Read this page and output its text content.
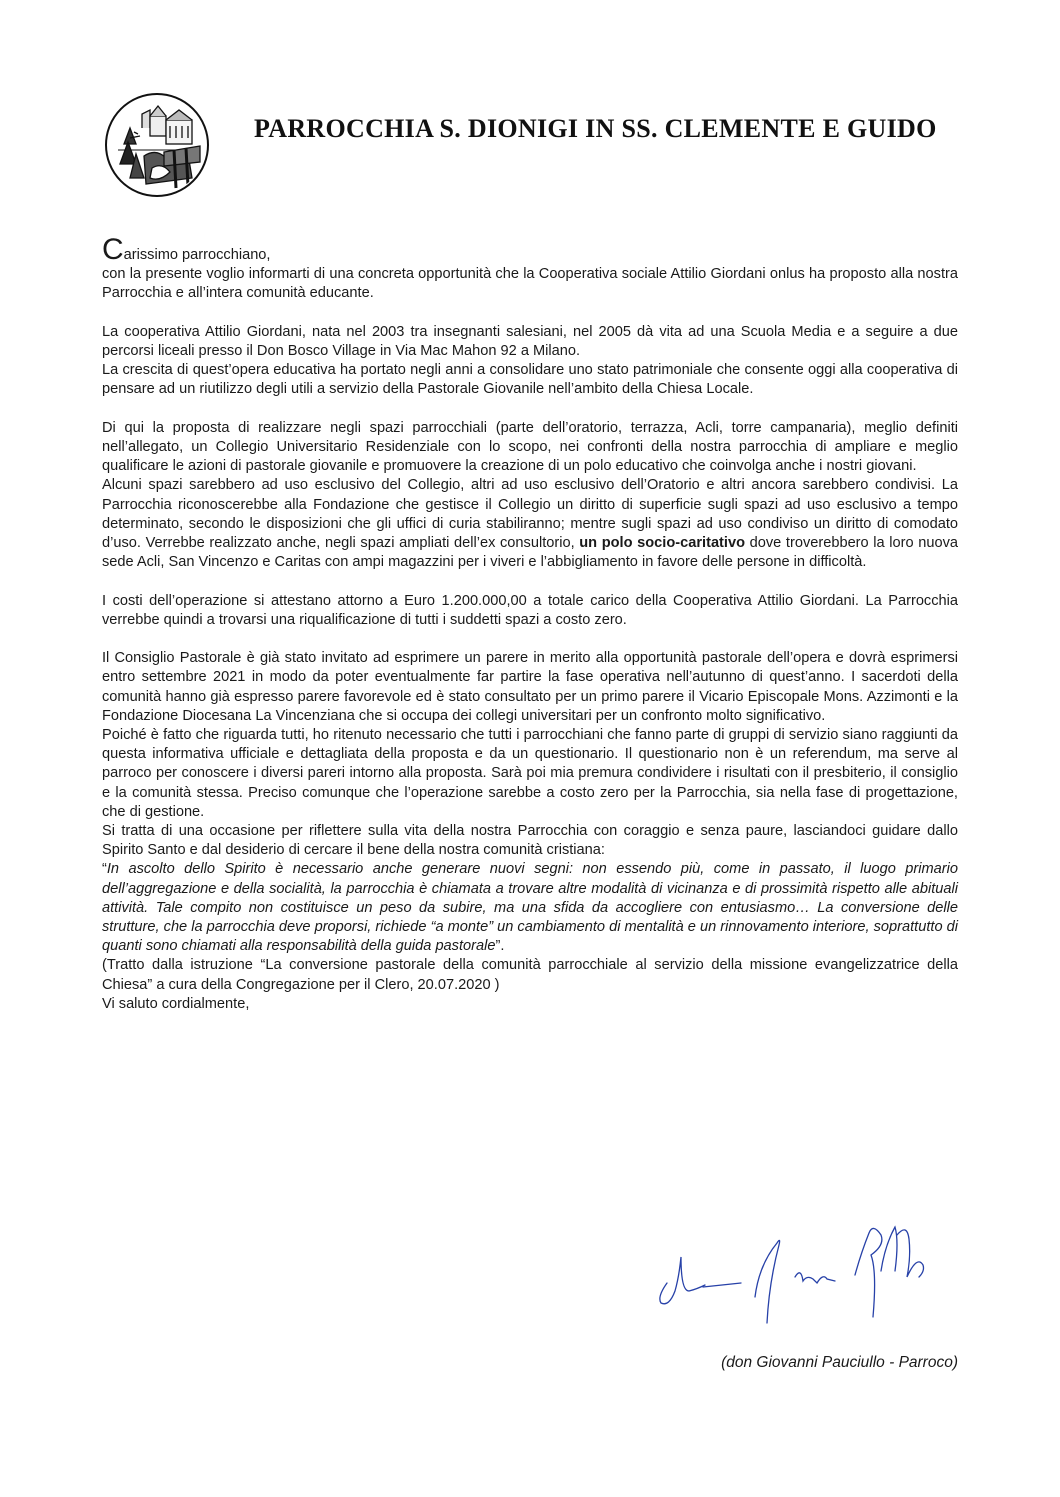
PARROCCHIA S. DIONIGI IN SS. CLEMENTE E GUIDO

Carissimo parrocchiano,

con la presente voglio informarti di una concreta opportunità che la Cooperativa sociale Attilio Giordani onlus ha proposto alla nostra Parrocchia e all’intera comunità educante.

La cooperativa Attilio Giordani, nata nel 2003 tra insegnanti salesiani, nel 2005 dà vita ad una Scuola Media e a seguire a due percorsi liceali presso il Don Bosco Village in Via Mac Mahon 92 a Milano.

La crescita di quest’opera educativa ha portato negli anni a consolidare uno stato patrimoniale che consente oggi alla cooperativa di pensare ad un riutilizzo degli utili a servizio della Pastorale Giovanile nell’ambito della Chiesa Locale.

Di qui la proposta di realizzare negli spazi parrocchiali (parte dell’oratorio, terrazza, Acli, torre campanaria), meglio definiti nell’allegato, un Collegio Universitario Residenziale con lo scopo, nei confronti della nostra parrocchia di ampliare e meglio qualificare le azioni di pastorale giovanile e promuovere la creazione di un polo educativo che coinvolga anche i nostri giovani.

Alcuni spazi sarebbero ad uso esclusivo del Collegio, altri ad uso esclusivo dell’Oratorio e altri ancora sarebbero condivisi. La Parrocchia riconoscerebbe alla Fondazione che gestisce il Collegio un diritto di superficie sugli spazi ad uso esclusivo a tempo determinato, secondo le disposizioni che gli uffici di curia stabiliranno; mentre sugli spazi ad uso condiviso un diritto di comodato d’uso. Verrebbe realizzato anche, negli spazi ampliati dell’ex consultorio, un polo socio-caritativo dove troverebbero la loro nuova sede Acli, San Vincenzo e Caritas con ampi magazzini per i viveri e l’abbigliamento in favore delle persone in difficoltà.

I costi dell’operazione si attestano attorno a Euro 1.200.000,00 a totale carico della Cooperativa Attilio Giordani. La Parrocchia verrebbe quindi a trovarsi una riqualificazione di tutti i suddetti spazi a costo zero.

Il Consiglio Pastorale è già stato invitato ad esprimere un parere in merito alla opportunità pastorale dell’opera e dovrà esprimersi entro settembre 2021 in modo da poter eventualmente far partire la fase operativa nell’autunno di quest’anno. I sacerdoti della comunità hanno già espresso parere favorevole ed è stato consultato per un primo parere il Vicario Episcopale Mons. Azzimonti e la Fondazione Diocesana La Vincenziana che si occupa dei collegi universitari per un confronto molto significativo.

Poiché è fatto che riguarda tutti, ho ritenuto necessario che tutti i parrocchiani che fanno parte di gruppi di servizio siano raggiunti da questa informativa ufficiale e dettagliata della proposta e da un questionario. Il questionario non è un referendum, ma serve al parroco per conoscere i diversi pareri intorno alla proposta. Sarà poi mia premura condividere i risultati con il presbiterio, il consiglio e la comunità stessa. Preciso comunque che l’operazione sarebbe a costo zero per la Parrocchia, sia nella fase di progettazione, che di gestione.

Si tratta di una occasione per riflettere sulla vita della nostra Parrocchia con coraggio e senza paure, lasciandoci guidare dallo Spirito Santo e dal desiderio di cercare il bene della nostra comunità cristiana:

“In ascolto dello Spirito è necessario anche generare nuovi segni: non essendo più, come in passato, il luogo primario dell’aggregazione e della socialità, la parrocchia è chiamata a trovare altre modalità di vicinanza e di prossimità rispetto alle abituali attività. Tale compito non costituisce un peso da subire, ma una sfida da accogliere con entusiasmo… La conversione delle strutture, che la parrocchia deve proporsi, richiede “a monte” un cambiamento di mentalità e un rinnovamento interiore, soprattutto di quanti sono chiamati alla responsabilità della guida pastorale”.

(Tratto dalla istruzione “La conversione pastorale della comunità parrocchiale al servizio della missione evangelizzatrice della Chiesa” a cura della Congregazione per il Clero, 20.07.2020 )

Vi saluto cordialmente,

(don Giovanni Pauciullo - Parroco)
